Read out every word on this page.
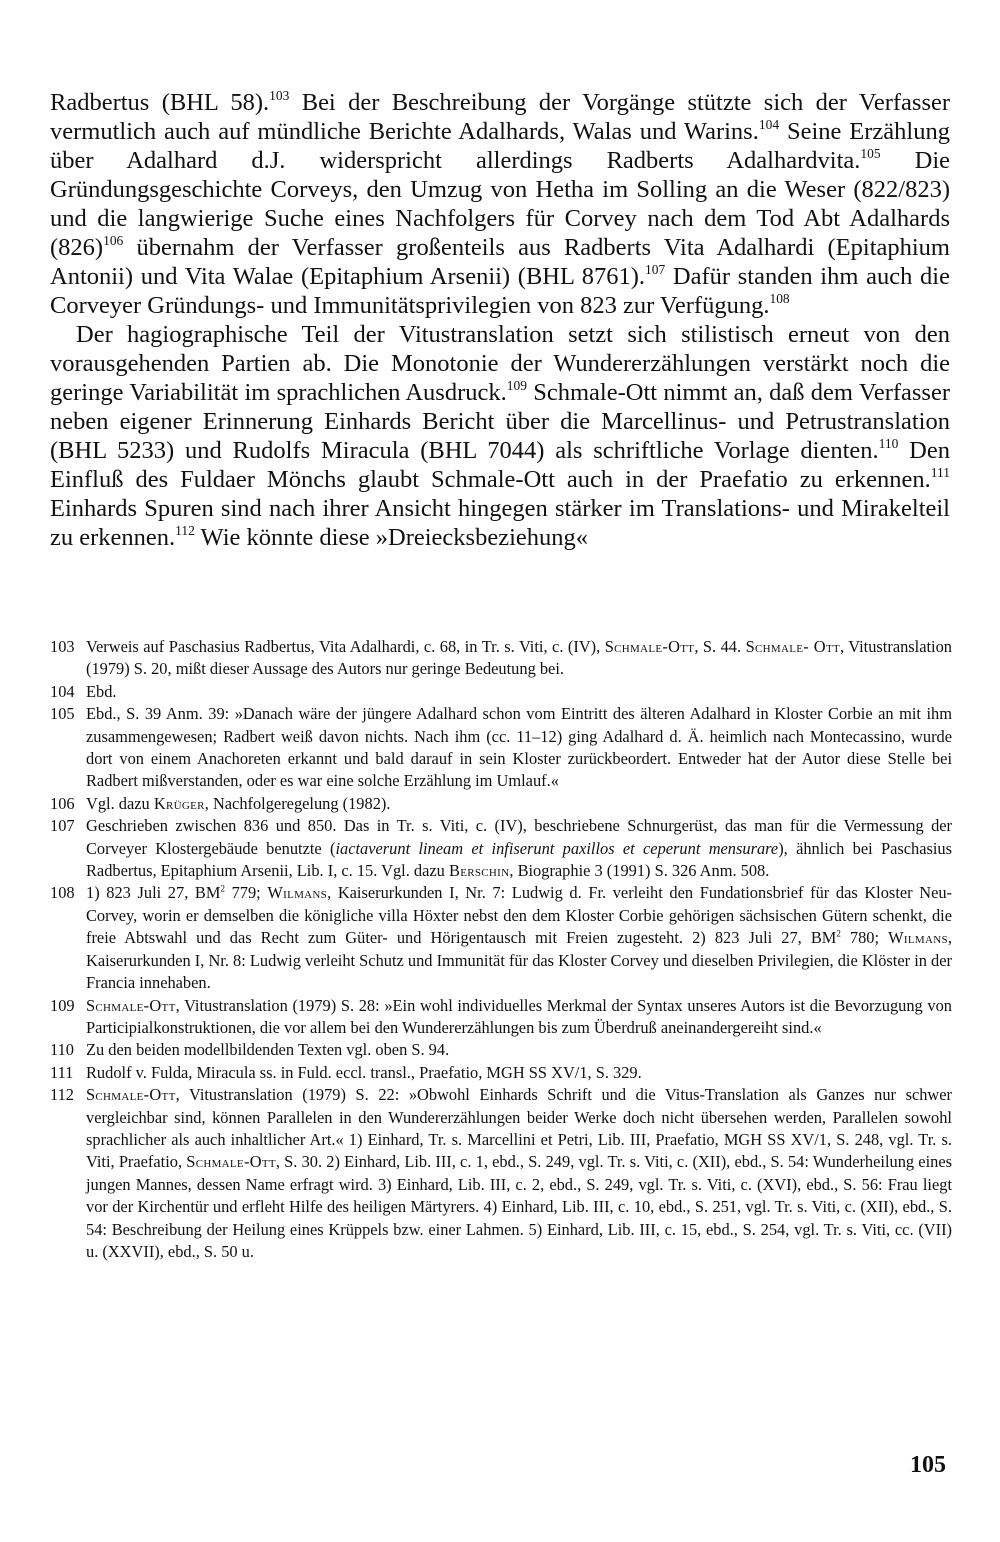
Radbertus (BHL 58).$^{103}$ Bei der Beschreibung der Vorgänge stützte sich der Verfasser vermutlich auch auf mündliche Berichte Adalhards, Walas und Warins.$^{104}$ Seine Erzählung über Adalhard d.J. widerspricht allerdings Radberts Adalhardvita.$^{105}$ Die Gründungsgeschichte Corveys, den Umzug von Hetha im Solling an die Weser (822/823) und die langwierige Suche eines Nachfolgers für Corvey nach dem Tod Abt Adalhards $(826)^{106}$ übernahm der Verfasser großenteils aus Radberts Vita Adalhardi (Epitaphium Antonii) und Vita Walae (Epitaphium Arsenii) (BHL 8761).$^{107}$ Dafür standen ihm auch die Corveyer Gründungs- und Immunitätsprivilegien von 823 zur Verfügung.$^{108}$

Der hagiographische Teil der Vitustranslation setzt sich stilistisch erneut von den vorausgehenden Partien ab. Die Monotonie der Wundererzählungen verstärkt noch die geringe Variabilität im sprachlichen Ausdruck.$^{109}$ Schmale-Ott nimmt an, daß dem Verfasser neben eigener Erinnerung Einhards Bericht über die Marcellinus- und Petrustranslation (BHL 5233) und Rudolfs Miracula (BHL 7044) als schriftliche Vorlage dienten.$^{110}$ Den Einfluß des Fuldaer Mönchs glaubt Schmale-Ott auch in der Praefatio zu erkennen.$^{111}$ Einhards Spuren sind nach ihrer Ansicht hingegen stärker im Translations- und Mirakelteil zu erkennen.$^{112}$ Wie könnte diese »Dreiecksbeziehung«

103 Verweis auf Paschasius Radbertus, Vita Adalhardi, c. 68, in Tr. s. Viti, c. (IV), Schmale-Ott, S. 44. Schmale- Ott, Vitustranslation (1979) S. 20, mißt dieser Aussage des Autors nur geringe Bedeutung bei.
104 Ebd.
105 Ebd., S. 39 Anm. 39: »Danach wäre der jüngere Adalhard schon vom Eintritt des älteren Adalhard in Kloster Corbie an mit ihm zusammengewesen; Radbert weiß davon nichts. Nach ihm (cc. 11–12) ging Adalhard d. Ä. heimlich nach Montecassino, wurde dort von einem Anachoreten erkannt und bald darauf in sein Kloster zurückbeordert. Entweder hat der Autor diese Stelle bei Radbert mißverstanden, oder es war eine solche Erzählung im Umlauf.«
106 Vgl. dazu Krüger, Nachfolgeregelung (1982).
107 Geschrieben zwischen 836 und 850. Das in Tr. s. Viti, c. (IV), beschriebene Schnurgerüst, das man für die Vermessung der Corveyer Klostergebäude benutzte (iactaverunt lineam et infiserunt paxillos et ceperunt mensurare), ähnlich bei Paschasius Radbertus, Epitaphium Arsenii, Lib. I, c. 15. Vgl. dazu Berschin, Biographie 3 (1991) S. 326 Anm. 508.
108 1) 823 Juli 27, $BM^2$ 779; Wilmans, Kaiserurkunden I, Nr. 7: Ludwig d. Fr. verleiht den Fundationsbrief für das Kloster Neu-Corvey, worin er demselben die königliche villa Höxter nebst den dem Kloster Corbie gehörigen sächsischen Gütern schenkt, die freie Abtswahl und das Recht zum Güter- und Hörigentausch mit Freien zugesteht. 2) 823 Juli 27, $BM^2$ 780; Wilmans, Kaiserurkunden I, Nr. 8: Ludwig verleiht Schutz und Immunität für das Kloster Corvey und dieselben Privilegien, die Klöster in der Francia innehaben.
109 Schmale-Ott, Vitustranslation (1979) S. 28: »Ein wohl individuelles Merkmal der Syntax unseres Autors ist die Bevorzugung von Participialkonstruktionen, die vor allem bei den Wundererzählungen bis zum Überdruß aneinandergereiht sind.«
110 Zu den beiden modellbildenden Texten vgl. oben S. 94.
111 Rudolf v. Fulda, Miracula ss. in Fuld. eccl. transl., Praefatio, MGH SS XV/1, S. 329.
112 Schmale-Ott, Vitustranslation (1979) S. 22: »Obwohl Einhards Schrift und die Vitus-Translation als Ganzes nur schwer vergleichbar sind, können Parallelen in den Wundererzählungen beider Werke doch nicht übersehen werden, Parallelen sowohl sprachlicher als auch inhaltlicher Art.« 1) Einhard, Tr. s. Marcellini et Petri, Lib. III, Praefatio, MGH SS XV/1, S. 248, vgl. Tr. s. Viti, Praefatio, Schmale-Ott, S. 30. 2) Einhard, Lib. III, c. 1, ebd., S. 249, vgl. Tr. s. Viti, c. (XII), ebd., S. 54: Wunderheilung eines jungen Mannes, dessen Name erfragt wird. 3) Einhard, Lib. III, c. 2, ebd., S. 249, vgl. Tr. s. Viti, c. (XVI), ebd., S. 56: Frau liegt vor der Kirchentür und erfleht Hilfe des heiligen Märtyrers. 4) Einhard, Lib. III, c. 10, ebd., S. 251, vgl. Tr. s. Viti, c. (XII), ebd., S. 54: Beschreibung der Heilung eines Krüppels bzw. einer Lahmen. 5) Einhard, Lib. III, c. 15, ebd., S. 254, vgl. Tr. s. Viti, cc. (VII) u. (XXVII), ebd., S. 50 u.
105
